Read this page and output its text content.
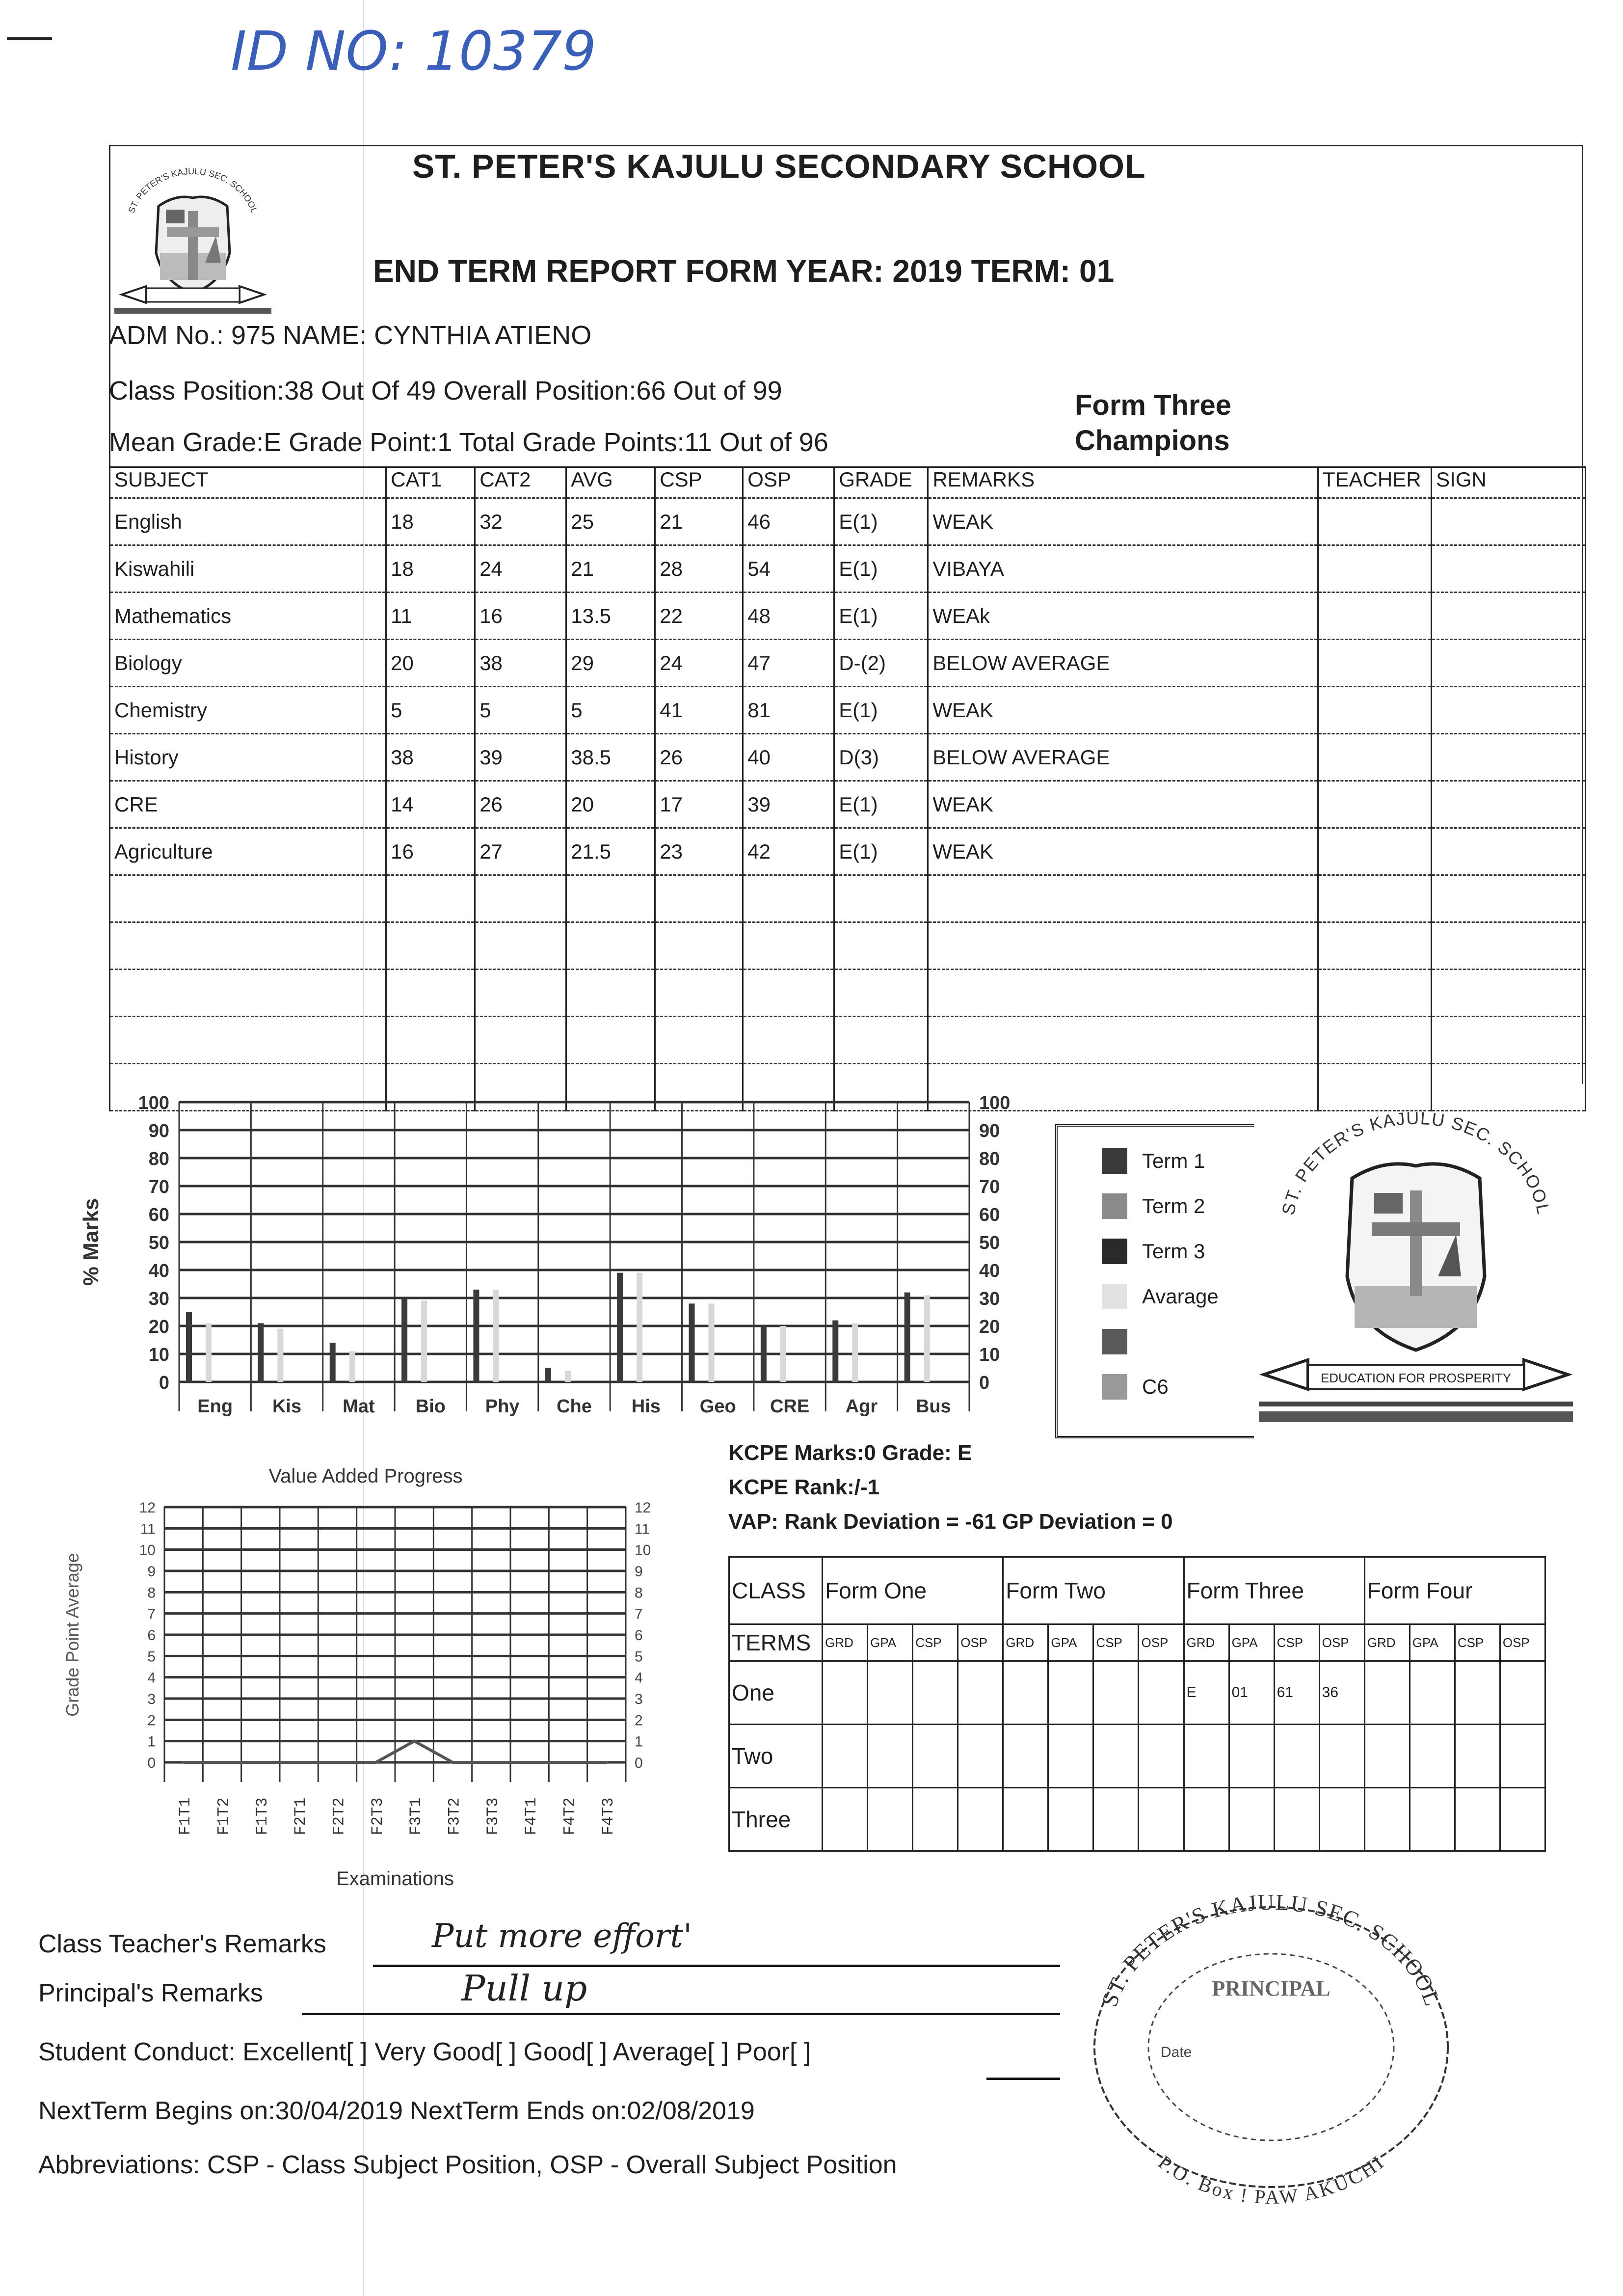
ID NO: 10379
ST. PETER'S KAJULU SEC. SCHOOL
ST. PETER'S KAJULU SECONDARY SCHOOL
END TERM REPORT FORM YEAR: 2019 TERM: 01
ADM No.: 975 NAME: CYNTHIA ATIENO
Class Position:38 Out Of 49 Overall Position:66 Out of 99
Mean Grade:E Grade Point:1 Total Grade Points:11 Out of 96
Form Three
Champions
SUBJECT	CAT1	CAT2	AVG	CSP	OSP	GRADE	REMARKS	TEACHER	SIGN
English	18	32	25	21	46	E(1)	WEAK		
Kiswahili	18	24	21	28	54	E(1)	VIBAYA		
Mathematics	11	16	13.5	22	48	E(1)	WEAk		
Biology	20	38	29	24	47	D-(2)	BELOW AVERAGE		
Chemistry	5	5	5	41	81	E(1)	WEAK		
History	38	39	38.5	26	40	D(3)	BELOW AVERAGE		
CRE	14	26	20	17	39	E(1)	WEAK		
Agriculture	16	27	21.5	23	42	E(1)	WEAK		

0	0
10	10
20	20
30	30
40	40
50	50
60	60
70	70
80	80
90	90
100	100
Eng Kis Mat Bio Phy Che His Geo CRE Agr Bus
% Marks
Term 1
Term 2
Term 3
Avarage
C6
ST. PETER'S KAJULU SEC. SCHOOL
EDUCATION FOR PROSPERITY
KCPE Marks:0 Grade: E
KCPE Rank:/-1
VAP: Rank Deviation = -61 GP Deviation = 0
Value Added Progress
0	0
1	1
2	2
3	3
4	4
5	5
6	6
7	7
8	8
9	9
10	10
11	11
12	12
F1T1 F1T2 F1T3 F2T1 F2T2 F2T3 F3T1 F3T2 F3T3 F4T1 F4T2 F4T3
Grade Point Average
Examinations
CLASS	Form One				Form Two				Form Three				Form Four			
TERMS	GRD	GPA	CSP	OSP	GRD	GPA	CSP	OSP	GRD	GPA	CSP	OSP	GRD	GPA	CSP	OSP
One									E	01	61	36				
Two																
Three																
ST. PETER'S KAJULU SEC. SCHOOL
PRINCIPAL
Date
P.O. Box ! PAW AKUCHI
Class Teacher's Remarks	Put more effort'
Principal's Remarks	Pull up
Student Conduct: Excellent[ ] Very Good[ ] Good[ ] Average[ ] Poor[ ]
NextTerm Begins on:30/04/2019 NextTerm Ends on:02/08/2019
Abbreviations: CSP - Class Subject Position, OSP - Overall Subject Position
